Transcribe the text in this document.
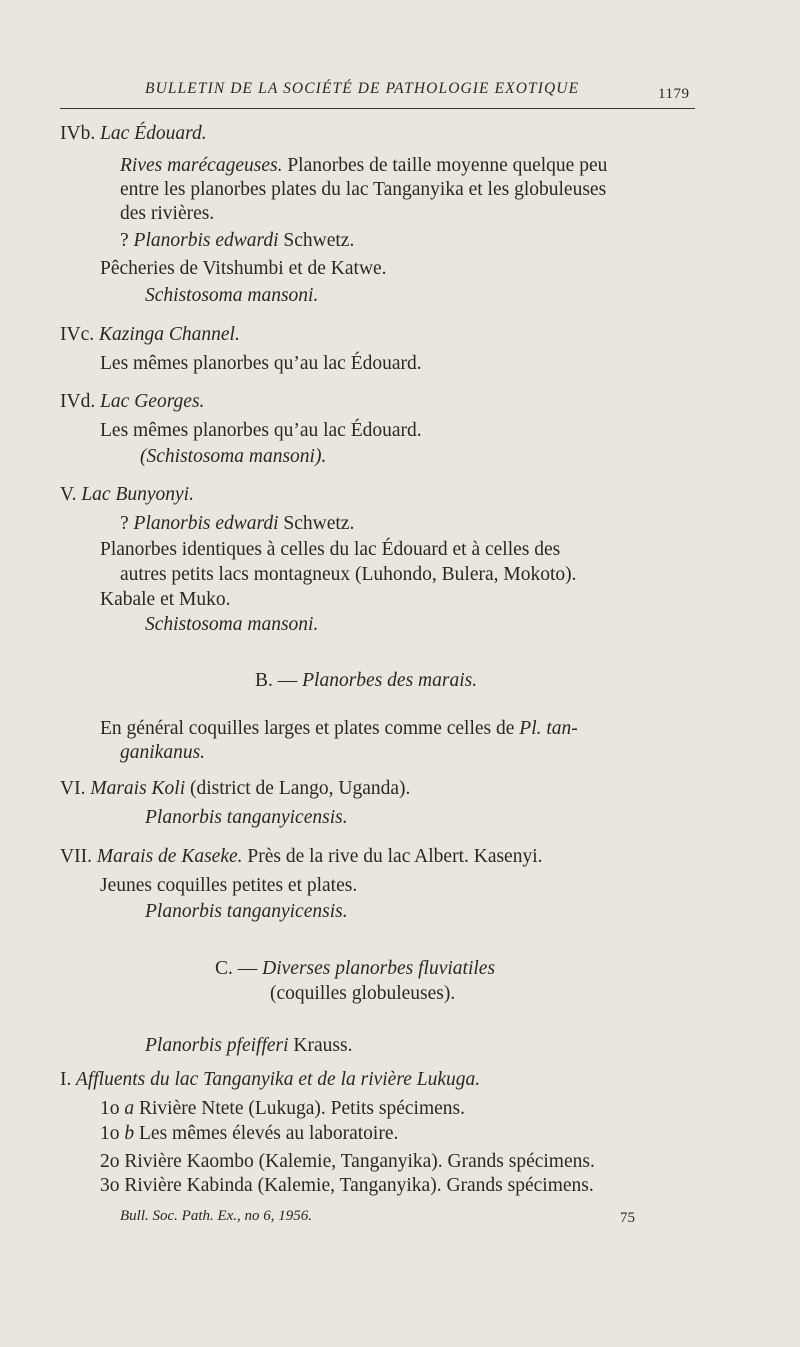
BULLETIN DE LA SOCIÉTÉ DE PATHOLOGIE EXOTIQUE	1179
IVb. Lac Édouard.
Rives marécageuses. Planorbes de taille moyenne quelque peu
entre les planorbes plates du lac Tanganyika et les globuleuses
des rivières.
? Planorbis edwardi Schwetz.
Pêcheries de Vitshumbi et de Katwe.
Schistosoma mansoni.
IVc. Kazinga Channel.
Les mêmes planorbes qu’au lac Édouard.
IVd. Lac Georges.
Les mêmes planorbes qu’au lac Édouard.
(Schistosoma mansoni).
V. Lac Bunyonyi.
? Planorbis edwardi Schwetz.
Planorbes identiques à celles du lac Édouard et à celles des
autres petits lacs montagneux (Luhondo, Bulera, Mokoto).
Kabale et Muko.
Schistosoma mansoni.
B. — Planorbes des marais.
En général coquilles larges et plates comme celles de Pl. tan-
ganikanus.
VI. Marais Koli (district de Lango, Uganda).
Planorbis tanganyicensis.
VII. Marais de Kaseke. Près de la rive du lac Albert. Kasenyi.
Jeunes coquilles petites et plates.
Planorbis tanganyicensis.
C. — Diverses planorbes fluviatiles
(coquilles globuleuses).
Planorbis pfeifferi Krauss.
I. Affluents du lac Tanganyika et de la rivière Lukuga.
1o a Rivière Ntete (Lukuga). Petits spécimens.
1o b Les mêmes élevés au laboratoire.
2o Rivière Kaombo (Kalemie, Tanganyika). Grands spécimens.
3o Rivière Kabinda (Kalemie, Tanganyika). Grands spécimens.
Bull. Soc. Path. Ex., no 6, 1956.	75
